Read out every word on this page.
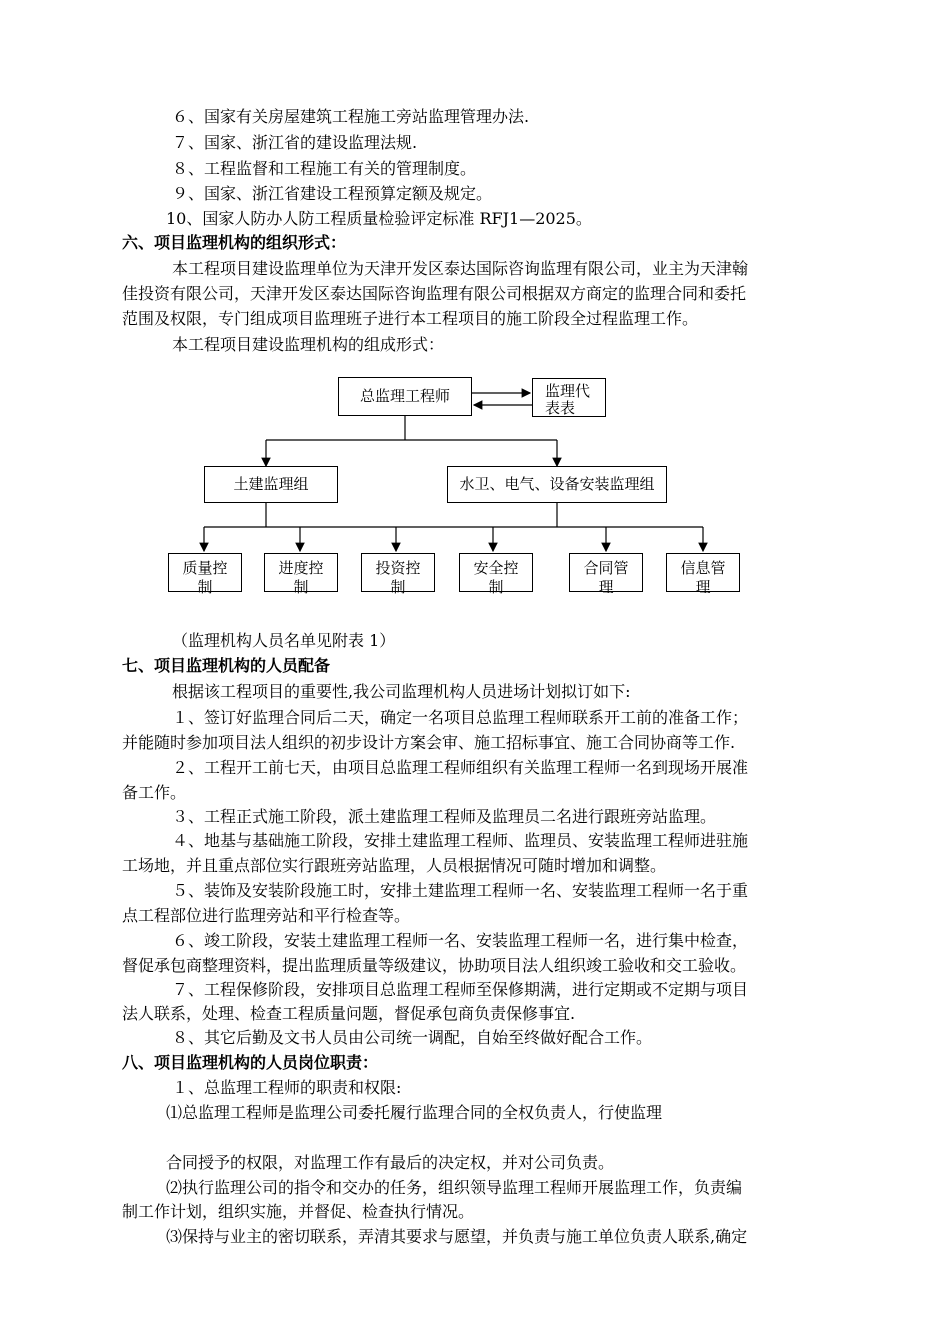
６、国家有关房屋建筑工程施工旁站监理管理办法.
７、国家、浙江省的建设监理法规.
８、工程监督和工程施工有关的管理制度。
９、国家、浙江省建设工程预算定额及规定。
10、国家人防办人防工程质量检验评定标准 RFJ1—2025。
六、项目监理机构的组织形式：
本工程项目建设监理单位为天津开发区泰达国际咨询监理有限公司，业主为天津翰
佳投资有限公司，天津开发区泰达国际咨询监理有限公司根据双方商定的监理合同和委托
范围及权限，专门组成项目监理班子进行本工程项目的施工阶段全过程监理工作。
本工程项目建设监理机构的组成形式：
总监理工程师	监理代表表
土建监理组	水卫、电气、设备安装监理组
质量控制
进度控制
投资控制
安全控制
合同管理
信息管理
（监理机构人员名单见附表 1）
七、项目监理机构的人员配备
根据该工程项目的重要性,我公司监理机构人员进场计划拟订如下:
１、签订好监理合同后二天，确定一名项目总监理工程师联系开工前的准备工作；
并能随时参加项目法人组织的初步设计方案会审、施工招标事宜、施工合同协商等工作.
２、工程开工前七天，由项目总监理工程师组织有关监理工程师一名到现场开展准
备工作。
３、工程正式施工阶段，派土建监理工程师及监理员二名进行跟班旁站监理。
４、地基与基础施工阶段，安排土建监理工程师、监理员、安装监理工程师进驻施
工场地，并且重点部位实行跟班旁站监理，人员根据情况可随时增加和调整。
５、装饰及安装阶段施工时，安排土建监理工程师一名、安装监理工程师一名于重
点工程部位进行监理旁站和平行检查等。
６、竣工阶段，安装土建监理工程师一名、安装监理工程师一名，进行集中检查，
督促承包商整理资料，提出监理质量等级建议，协助项目法人组织竣工验收和交工验收。
７、工程保修阶段，安排项目总监理工程师至保修期满，进行定期或不定期与项目
法人联系，处理、检查工程质量问题，督促承包商负责保修事宜.
８、其它后勤及文书人员由公司统一调配，自始至终做好配合工作。
八、项目监理机构的人员岗位职责：
１、总监理工程师的职责和权限:
⑴总监理工程师是监理公司委托履行监理合同的全权负责人，行使监理
合同授予的权限，对监理工作有最后的决定权，并对公司负责。
⑵执行监理公司的指令和交办的任务，组织领导监理工程师开展监理工作，负责编
制工作计划，组织实施，并督促、检查执行情况。
⑶保持与业主的密切联系，弄清其要求与愿望，并负责与施工单位负责人联系,确定
